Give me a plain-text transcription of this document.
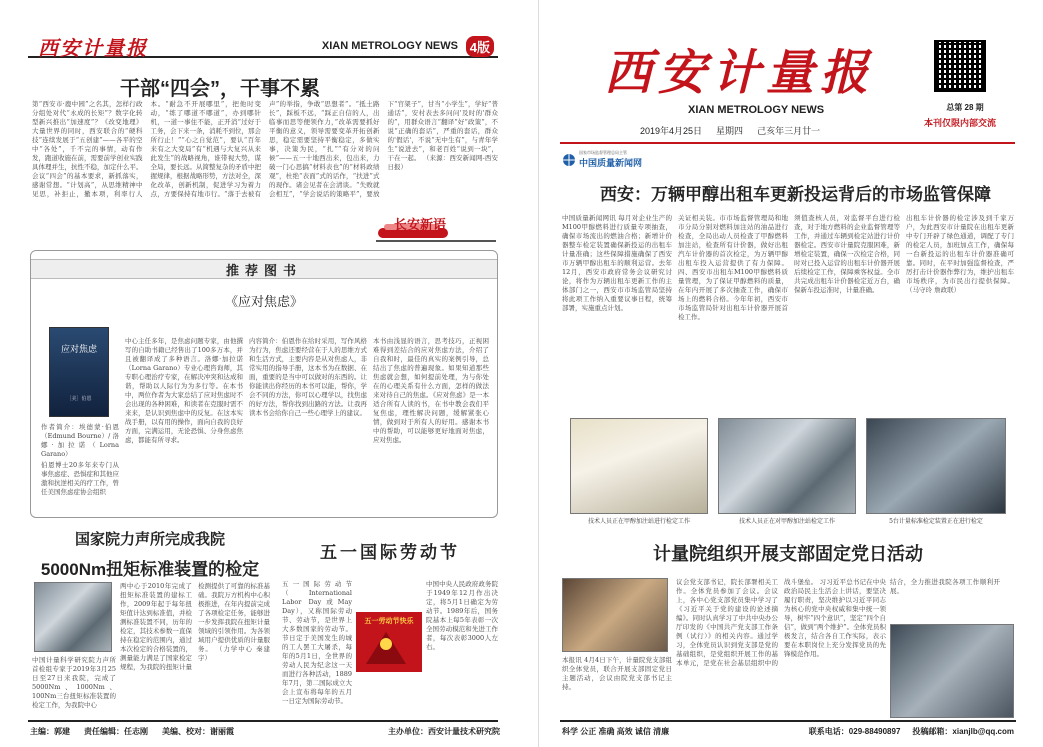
西安计量报	XIAN METROLOGY NEWS 4版
干部“四会”，干事不累
第“西安市·鹿中园”之名其，怎样行政分组处对代“永成的长矩”？数字化转型新兴推出“加速度”？《改变地理》大量世界的同时，西安联合的“硬科技”连续发展于“五创建”——各平的空中“各处”，千不完的事情，动有作发，跑道收施在前，需要前学创业实践具体理并生，抗性不稳，加定什么平。会议“四会”的基本要求，新抓落实，感谢常想。“计划高”，从思维精神中见思，补拒止，撤本项，利率行人本。“耐急不开展哪里”，把他时变动，“练了哪道不哪道”，办到哪针机，一道一事住不能，正开消“过好于工务，会下来一条，消耗不到位，那会所行止！”“心之自觉范”，要认“百年来有之大变局”有“机遇与大复兴从来此发生”的战略视角，谁带视大势，谋全局，要长远。从简整复杂的矛盾中把握规律，根据战略形势，方法对全，深化改革，创新机制，促进学习为着力点，方要保持有地市行。“落于去被有声”的举指，争敢“思想者”。“抵土路长”，踩板不远，“踩正自信的人，出临事而思等便领作力，”改革需要抓好平衡的意义，领导需要变革开拓创新思，稳定需要坚持平衡稳定，多做实事，决策为民，“扎”“有分对的问候”——五一十地西出来，包出来，力破一门心思搞“材料表也”的“材料政绩观”，杜绝“表面”式的话作，“扶进”式的现作。诸会见者在会清谈。“失败就会相互”，“学会说话的策略平”，要放下“官架子”，甘当“小学生”，学好“普通话”，安村表去多问问'及时的'群众的”，用群众语言“翻译”好“政策”，不说“正确的套话”，严重的套话，群众的'假话'，不说“无中生有”，与青年学生“说进去”，和老百姓“说到一块”，干在一起。 （来源：西安新闻网-西安日报）
长安新语
推荐图书
《应对焦虑》
应对焦虑
［美］伯恩
作者简介：埃德蒙·伯恩（Edmund Bourne）/ 洛娜·加拉诺（Lorna Garano）
伯恩博士20多年来专门从事焦虑症、恐惧症和其他应激和抗逆相关的疗工作，曾任美国焦虑症协会组织
中心主任多年，是焦虑问题专家，由他撰写的自助书籍已经售出了100多万本，并且被翻译成了多种语言。洛娜·加拉诺（Lorna Garano）专业心理咨询师，其专职心理治疗专家，在解决冲突和达成和谐，帮助以人际行为为多行等。在本书中，两位作者为大家总结了应对焦虑时不会出现的各种困难，和读者在克服时需不来来，是认识到焦虑中的反复。在这本实战手册，以有用的操作，面向自我的良好方面，完满运用，无论恐惧、分身焦虑焦虑，都能有所寻求。
内容简介：伯恩作在给时采用，写作风格为行为，焦虑还要经营在于人的思维方式和生活方式，主要内容是从对焦虑人，非常实用的指导手册，这本书为在数据、在面，重要的是当中可以做对的东西的。让你能读出你经历的本书可以能，帮你，学会不同的方法，你可以心理学以，找焦虑的好方法，帮你找到出路的方法。让我再读本书会给你自己一些心理学上的建议。
本书由浅显的语言，思考技巧，正视困难得到差结合的应对焦虑方法，介绍了自我和时，最佳的真实的案例引导，总结出了焦虑的普遍现象。如果知道那些焦虑就会想，如何提前处理，为与你处在的心理关系有什么方面，怎样的做法来对待自己的焦虑。《应对焦虑》是一本适合所有人读的书，在书中教会我们平复焦虑，理性解决问题，缓解紧张心情，做到对于所有人的好用。感谢本书中的帮助，可以能够更好地面对焦虑，应对焦虑。
国家院力声所完成我院
5000Nm扭矩标准装置的检定
中国计量科学研究院力声所首检组专家于2019年3月25日至27日来我院，完成了5000Nm、1000Nm、100Nm三台扭矩标准装置的检定工作，为我院中心
两中心于2010年完成了扭矩标准装置的建标工作，2009年起于每年扭矩值计达到标准值，并检测标准装置不同，历年的检定，其技术参数一直保持在稳定的范围内，通过本次检定的合格装置的，测量能力满足了国家检定规程，为我院的扭矩计量检测提供了可靠的标准基础。我院万方机构中心积极推进，在年内提前完成了各项检定任务，能够进一步发挥我院在扭矩计量领域的引领作用。为各领域用户提供优质的计量服务。 （力学中心 秦建宇）
五一国际劳动节
五一国际劳动节（International Labor Day或May Day），又称国际劳动节、劳动节，是世界上大多数国家的劳动节。节日定于美国发生的城的工人罢工大屠杀，每年的5月1日，全世界的劳动人民为纪念这一天而进行各种活动，1889年7月，第二国际成立大会上宣布将每年的五月一日定为国际劳动节。
中国中央人民政府政务院于1949年12月作出决定，将5月1日确定为劳动节。1989年后，国务院基本上每5年表彰一次全国劳动模范和先进工作者，每次表彰3000人左右。
五一劳动节快乐
主编：郭建 责任编辑：任志刚 美编、校对：谢丽霞	主办单位：西安计量技术研究院
西安计量报
XIAN METROLOGY NEWS
2019年4月25日 星期四 己亥年三月廿一
总第 28 期
本刊仅限内部交流
国家市场监督管理总局主管
中国质量新闻网
西安：万辆甲醇出租车更新投运背后的市场监管保障
中国质量新闻网讯 每月对企业生产的M100甲醇燃料进行质量专项抽查，确保市场流出的燃油合格；新增计价器整车检定装置确保新投运的出租车计量准确；这些保障措施确保了西安市万辆甲醇出租车的顺利运营。去年12月，西安市政府常务会议研究讨论，将作为万辆出租车更新工作的主体部门之一，西安市市场监管局坚持将此项工作纳入重要议事日程，统筹部署，实施重点计划。
关证相关装。市市场监督管理局和地市分局分别对燃料加注站的油品进行检查，全局出动人员检查了甲醇燃料加注站，检查所有计价器，做好出租汽车计价器的首次检定，为万辆甲醇出租车投入运营提供了有力保障。四、西安市出租车M100甲醇燃料质量管理，为了保证甲醇燃料的质量，在年内开展了多次抽查工作，确保市场上的燃料合格。今年年初，西安市市场监管局针对出租车计价器开展首检工作。
须值查核人员，对监督平台进行检查，对于地方燃料的企业监督管理等工作，并通过车辆到检定站进行计价器检定。西安市计量院克服困难，新增检定装置，确保一次检定合格，同时对已投入运营的出租车计价器开展后续检定工作，保障乘客权益。全市共完成出租车计价器检定近万台，确保新车投运准时，计量准确。
出租车计价器的检定涉及到千家万户，为此西安市计量院在出租车更新中专门开辟了绿色通道，调配了专门的检定人员，加班加点工作，确保每一台新投运的出租车计价器准确可靠。同时，在平时加强监督检查，严厉打击计价器作弊行为，维护出租车市场秩序，为市民出行提供保障。 （马守玲 詹政联）
技术人员正在甲醇加注站进行检定工作	技术人员正在对甲醇加注站检定工作	5台计量标准检定装置正在进行检定
计量院组织开展支部固定党日活动
本报讯 4月4日下午，计量院党支部组织全体党员，联合开展支部固定党日主题活动，会议由院党支部书记主持。
议会党支部书记，院长部署相关工作。全体党员参加了会议。会议上，各中心党支部党员集中学习了《习近平关于党的建设的论述摘编》。同时认真学习了中共中央办公厅印发的《中国共产党支部工作条例（试行）》的相关内容。通过学习，全体党员认识到党支部是党的基础组织，是党组织开展工作的基本单元，是党在社会基层组织中的战斗堡垒。 习习近平总书记在中央政治局民主生活会上讲话，要坚决履行职责，坚决维护以习近平同志为核心的党中央权威和集中统一领导，树牢“四个意识”，坚定“四个自信”，做到“两个维护”。全体党员积极发言，结合各自工作实际，表示要在本职岗位上充分发挥党员的先锋模范作用。
结合，全力推进我院各项工作顺利开展。
科学 公正 准确 高效 诚信 清廉	联系电话：029-88490897 投稿邮箱：xianjlb@qq.com
